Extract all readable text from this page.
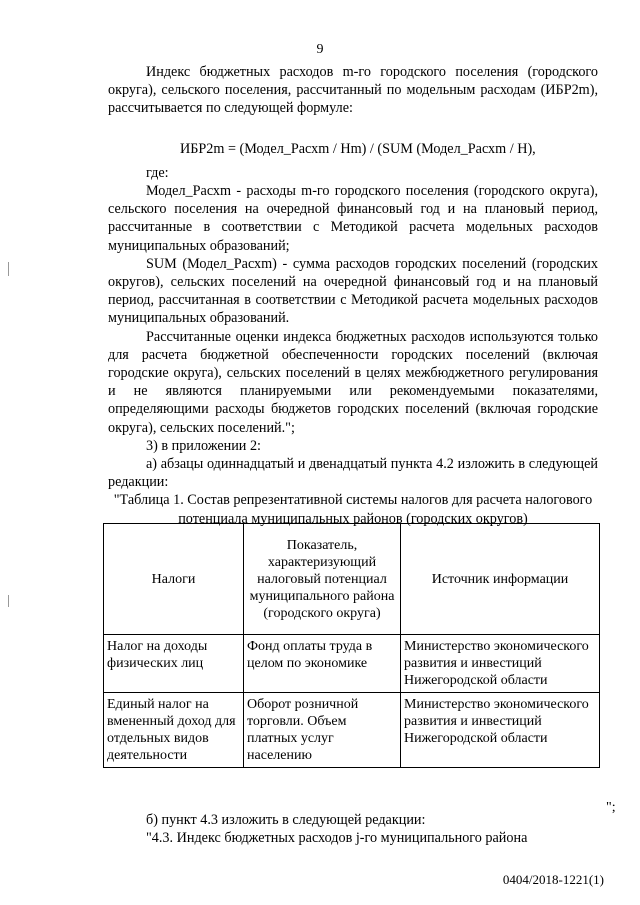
9

Индекс бюджетных расходов m-го городского поселения (городского округа), сельского поселения, рассчитанный по модельным расходам (ИБР2m), рассчитывается по следующей формуле:

ИБР2m = (Модел_Расхm / Hm) / (SUM (Модел_Расхm / H),

где:

Модел_Расхm - расходы m-го городского поселения (городского округа), сельского поселения на очередной финансовый год и на плановый период, рассчитанные в соответствии с Методикой расчета модельных расходов муниципальных образований;

SUM (Модел_Расхm) - сумма расходов городских поселений (городских округов), сельских поселений на очередной финансовый год и на плановый период, рассчитанная в соответствии с Методикой расчета модельных расходов муниципальных образований.

Рассчитанные оценки индекса бюджетных расходов используются только для расчета бюджетной обеспеченности городских поселений (включая городские округа), сельских поселений в целях межбюджетного регулирования и не являются планируемыми или рекомендуемыми показателями, определяющими расходы бюджетов городских поселений (включая городские округа), сельских поселений.";

3) в приложении 2:

а) абзацы одиннадцатый и двенадцатый пункта 4.2 изложить в следующей редакции:

"Таблица 1. Состав репрезентативной системы налогов для расчета налогового потенциала муниципальных районов (городских округов)

Налоги	Показатель, характеризующий налоговый потенциал муниципального района (городского округа)	Источник информации
Налог на доходы физических лиц	Фонд оплаты труда в целом по экономике	Министерство экономического развития и инвестиций Нижегородской области
Единый налог на вмененный доход для отдельных видов деятельности	Оборот розничной торговли. Объем платных услуг населению	Министерство экономического развития и инвестиций Нижегородской области
";

б) пункт 4.3 изложить в следующей редакции:

"4.3. Индекс бюджетных расходов j-го муниципального района

0404/2018-1221(1)
